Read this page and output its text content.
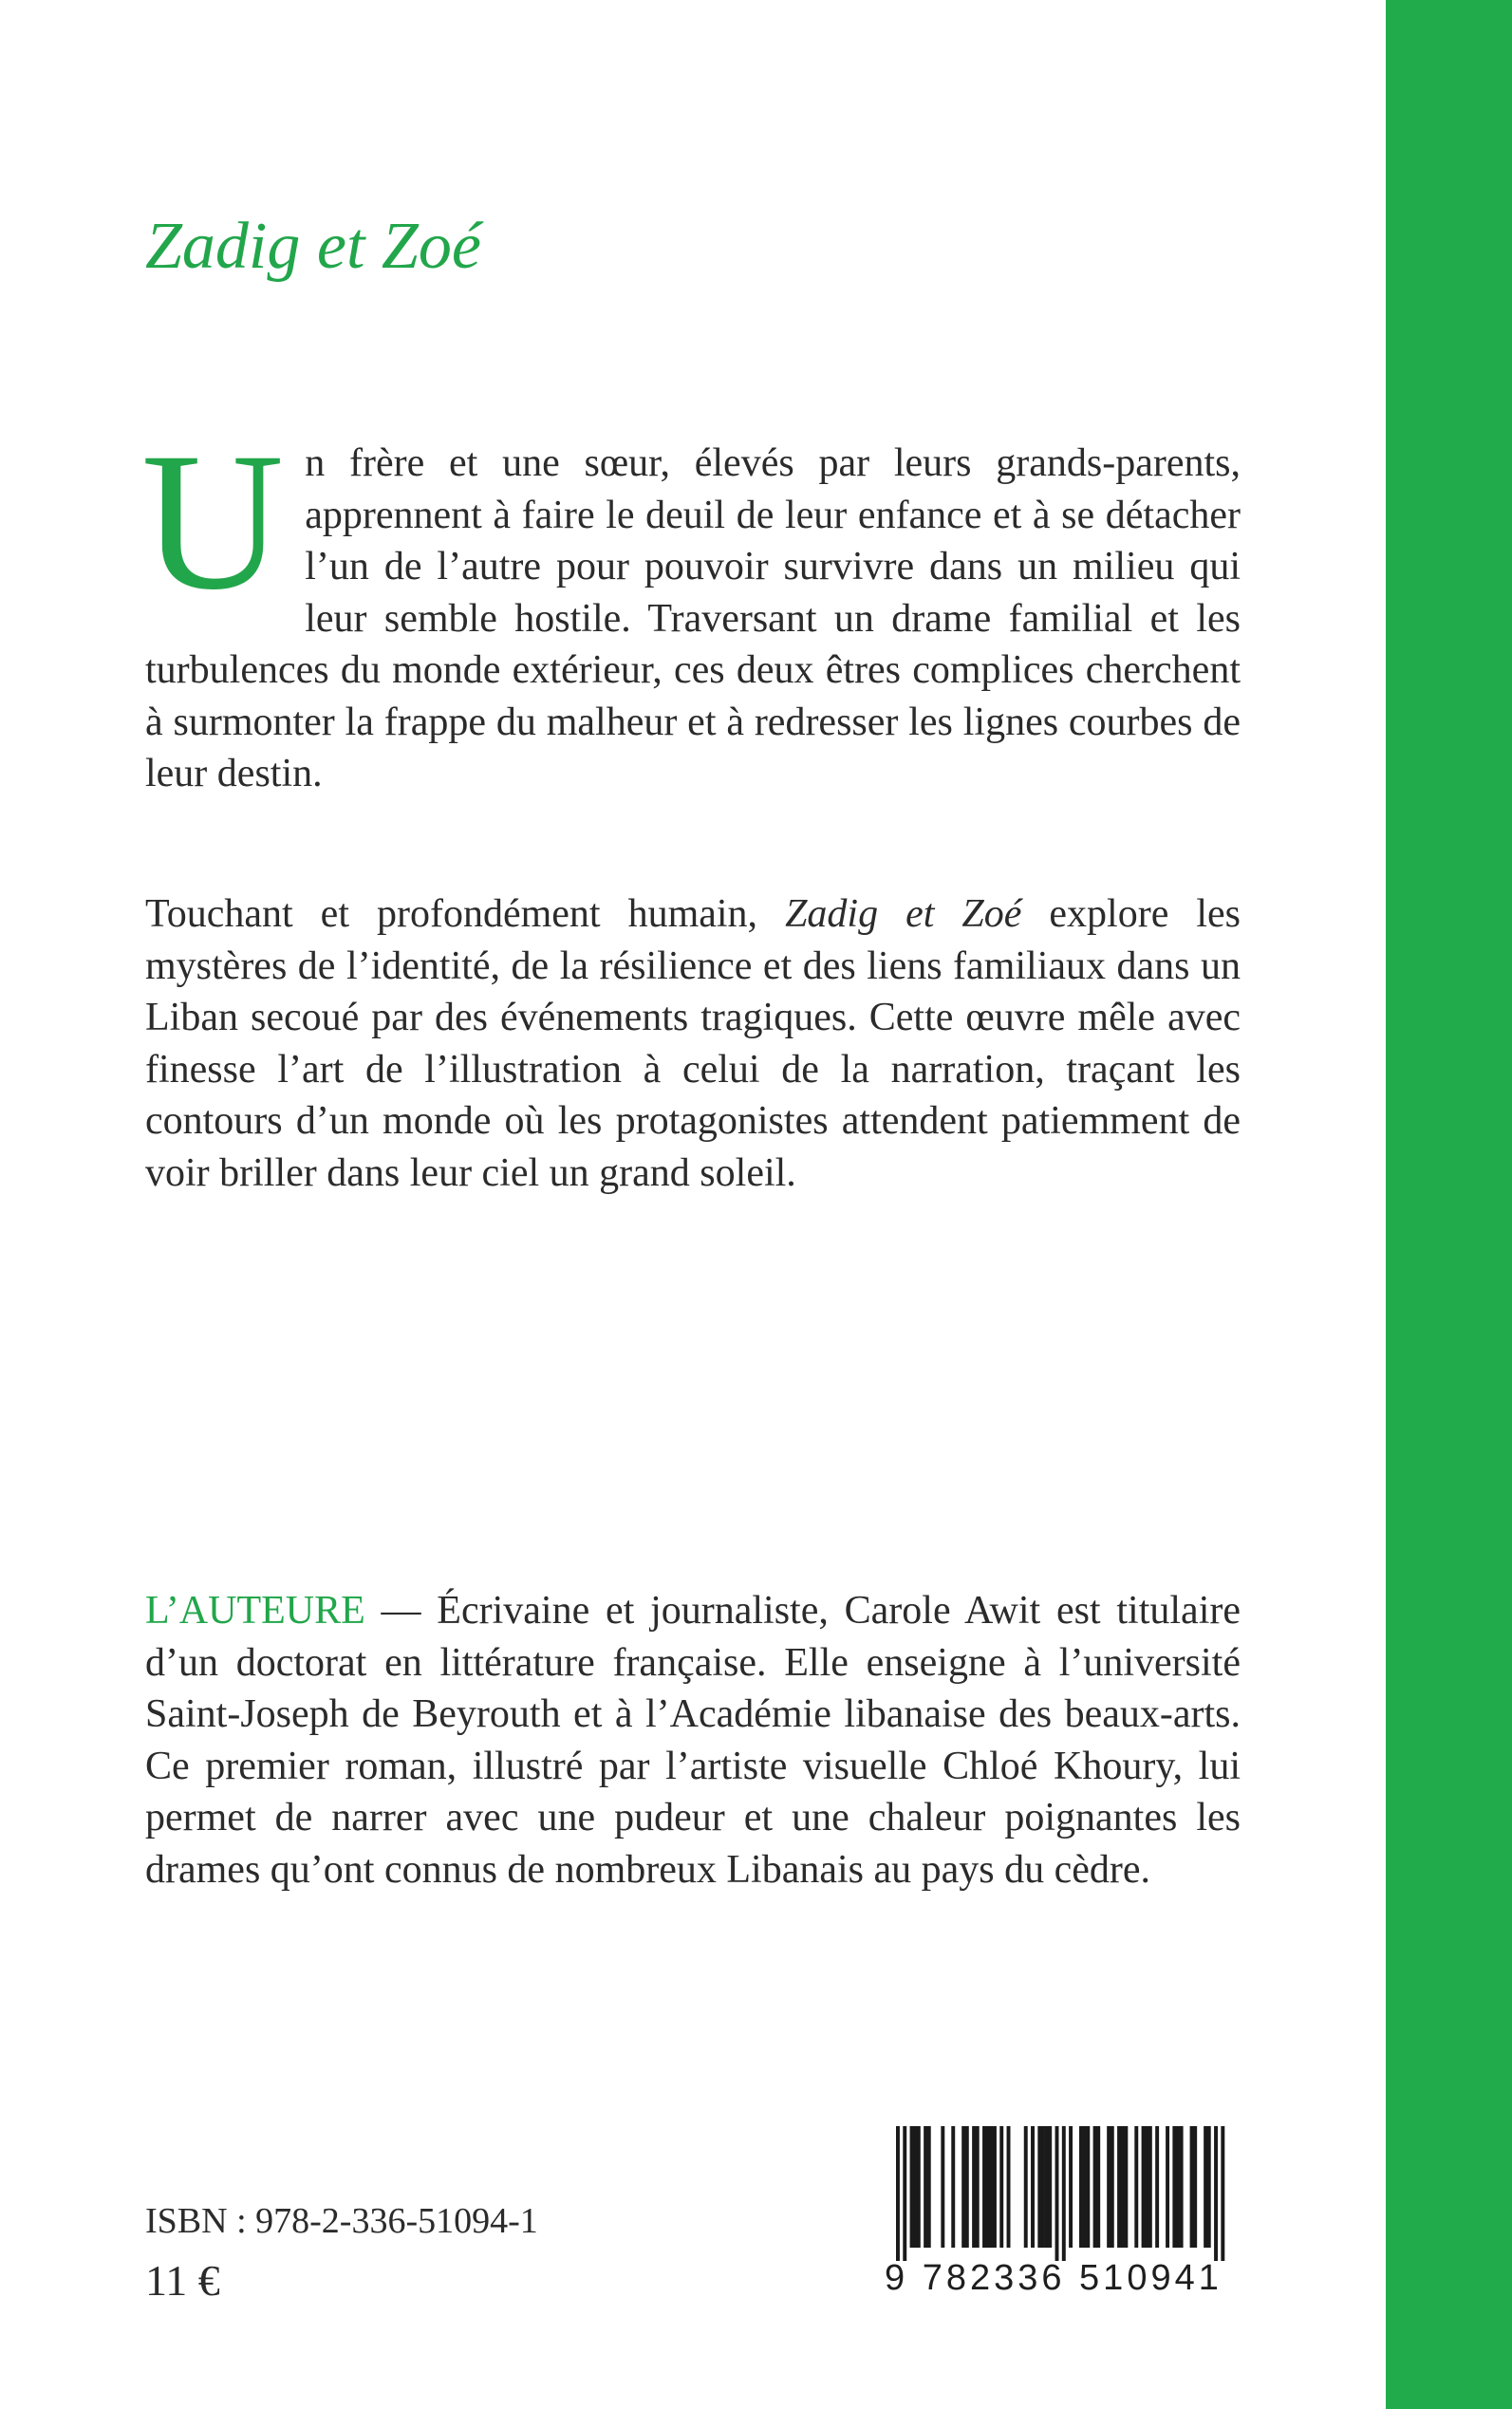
Zadig et Zoé
Un frère et une sœur, élevés par leurs grands-parents, apprennent à faire le deuil de leur enfance et à se détacher l’un de l’autre pour pouvoir survivre dans un milieu qui leur semble hostile. Traversant un drame familial et les turbulences du monde extérieur, ces deux êtres complices cherchent à surmonter la frappe du malheur et à redresser les lignes courbes de leur destin.
Touchant et profondément humain, Zadig et Zoé explore les mystères de l’identité, de la résilience et des liens familiaux dans un Liban secoué par des événements tragiques. Cette œuvre mêle avec finesse l’art de l’illustration à celui de la narration, traçant les contours d’un monde où les protagonistes attendent patiemment de voir briller dans leur ciel un grand soleil.
L’AUTEURE — Écrivaine et journaliste, Carole Awit est titulaire d’un doctorat en littérature française. Elle enseigne à l’université Saint-Joseph de Beyrouth et à l’Académie libanaise des beaux-arts. Ce premier roman, illustré par l’artiste visuelle Chloé Khoury, lui permet de narrer avec une pudeur et une chaleur poignantes les drames qu’ont connus de nombreux Libanais au pays du cèdre.
ISBN : 978-2-336-51094-1
11 €	9 782336 510941
